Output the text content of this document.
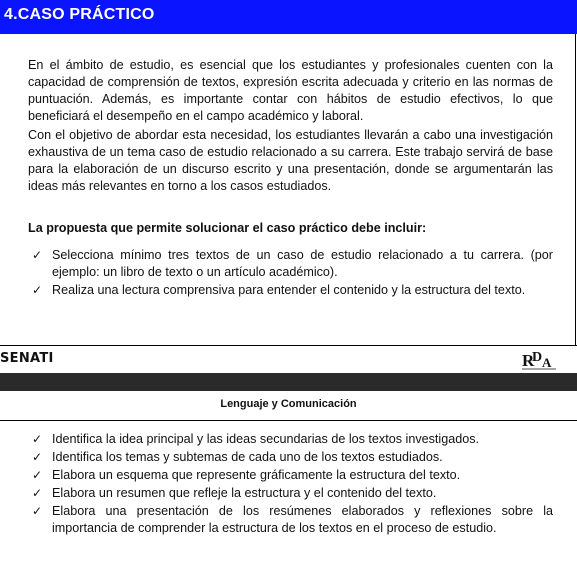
4.CASO PRÁCTICO

En el ámbito de estudio, es esencial que los estudiantes y profesionales cuenten con la capacidad de comprensión de textos, expresión escrita adecuada y criterio en las normas de puntuación. Además, es importante contar con hábitos de estudio efectivos, lo que beneficiará el desempeño en el campo académico y laboral.

Con el objetivo de abordar esta necesidad, los estudiantes llevarán a cabo una investigación exhaustiva de un tema caso de estudio relacionado a su carrera. Este trabajo servirá de base para la elaboración de un discurso escrito y una presentación, donde se argumentarán las ideas más relevantes en torno a los casos estudiados.

La propuesta que permite solucionar el caso práctico debe incluir:

✓ Selecciona mínimo tres textos de un caso de estudio relacionado a tu carrera. (por ejemplo: un libro de texto o un artículo académico).
✓ Realiza una lectura comprensiva para entender el contenido y la estructura del texto.
SENATI	R
D A
Lenguaje y Comunicación
✓ Identifica la idea principal y las ideas secundarias de los textos investigados.
✓ Identifica los temas y subtemas de cada uno de los textos estudiados.
✓ Elabora un esquema que represente gráficamente la estructura del texto.
✓ Elabora un resumen que refleje la estructura y el contenido del texto.
✓ Elabora una presentación de los resúmenes elaborados y reflexiones sobre la importancia de comprender la estructura de los textos en el proceso de estudio.
